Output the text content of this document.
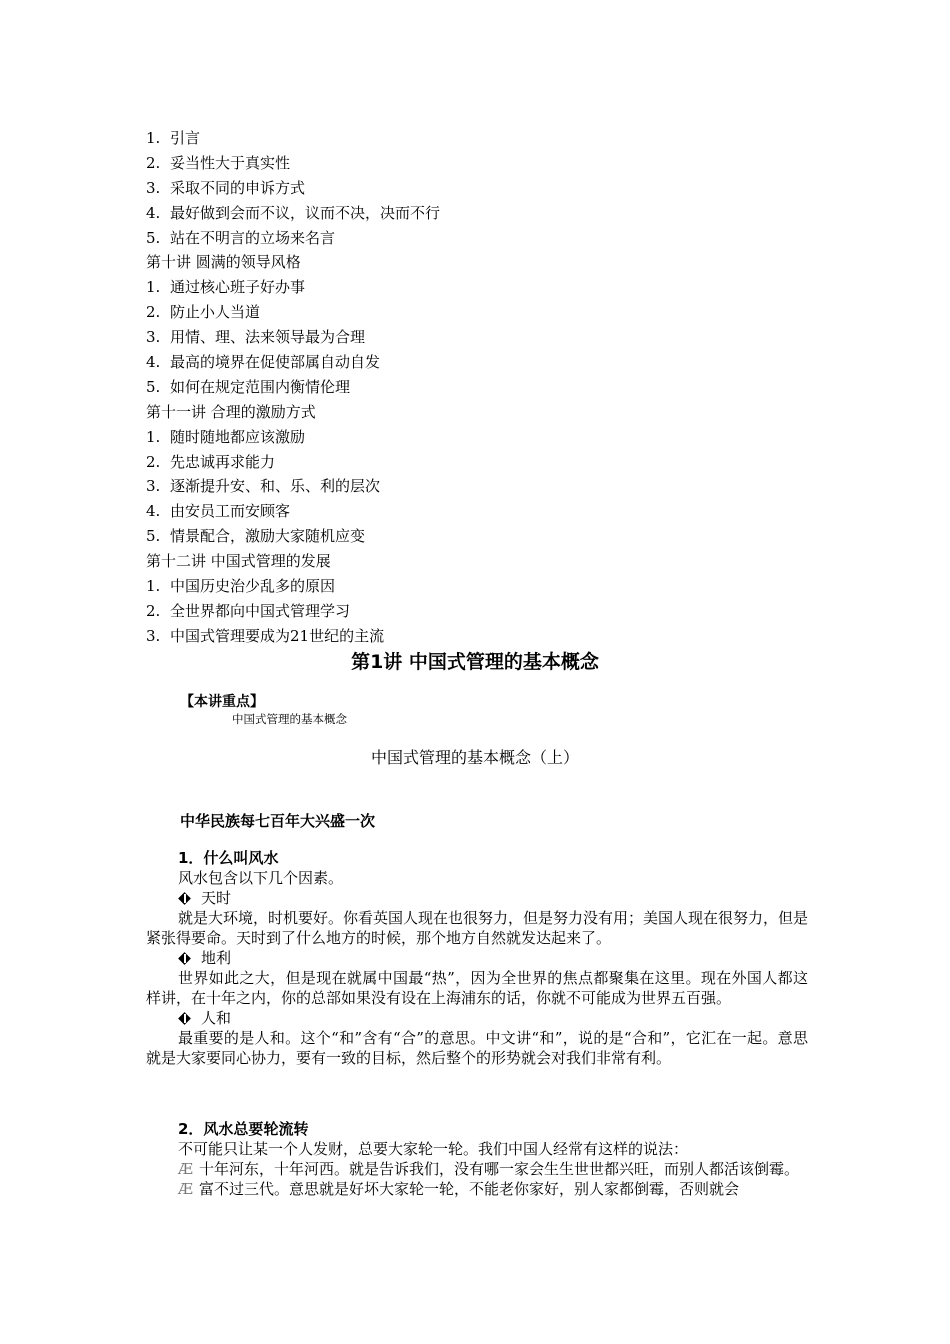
1. 引言
2. 妥当性大于真实性
3. 采取不同的申诉方式
4. 最好做到会而不议，议而不决，决而不行
5. 站在不明言的立场来名言
第十讲 圆满的领导风格
1. 通过核心班子好办事
2. 防止小人当道
3. 用情、理、法来领导最为合理
4. 最高的境界在促使部属自动自发
5. 如何在规定范围内衡情伦理
第十一讲 合理的激励方式
1. 随时随地都应该激励
2. 先忠诚再求能力
3. 逐渐提升安、和、乐、利的层次
4. 由安员工而安顾客
5. 情景配合，激励大家随机应变
第十二讲 中国式管理的发展
1. 中国历史治少乱多的原因
2. 全世界都向中国式管理学习
3. 中国式管理要成为21世纪的主流
第1讲 中国式管理的基本概念
【本讲重点】
中国式管理的基本概念
中国式管理的基本概念（上）
中华民族每七百年大兴盛一次
1．什么叫风水

风水包含以下几个因素。

天时

就是大环境，时机要好。你看英国人现在也很努力，但是努力没有用；美国人现在很努力，但是紧张得要命。天时到了什么地方的时候，那个地方自然就发达起来了。

地利

世界如此之大，但是现在就属中国最“热”，因为全世界的焦点都聚集在这里。现在外国人都这样讲，在十年之内，你的总部如果没有设在上海浦东的话，你就不可能成为世界五百强。

人和

最重要的是人和。这个“和”含有“合”的意思。中文讲“和”，说的是“合和”，它汇在一起。意思就是大家要同心协力，要有一致的目标，然后整个的形势就会对我们非常有利。

2．风水总要轮流转

不可能只让某一个人发财，总要大家轮一轮。我们中国人经常有这样的说法：

Æ 十年河东，十年河西。就是告诉我们，没有哪一家会生生世世都兴旺，而别人都活该倒霉。

Æ 富不过三代。意思就是好坏大家轮一轮，不能老你家好，别人家都倒霉，否则就会
